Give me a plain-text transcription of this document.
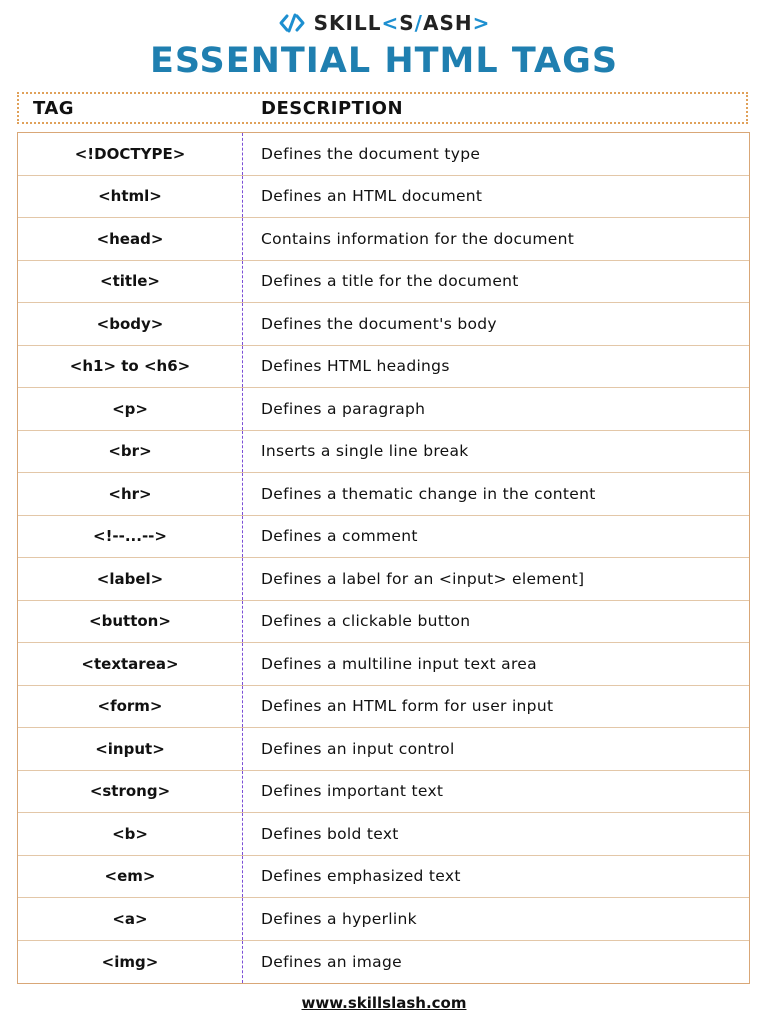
SKILL<S/ASH>
ESSENTIAL HTML TAGS
TAG	DESCRIPTION
<!DOCTYPE>	Defines the document type
<html>	Defines an HTML document
<head>	Contains information for the document
<title>	Defines a title for the document
<body>	Defines the document's body
<h1> to <h6>	Defines HTML headings
<p>	Defines a paragraph
<br>	Inserts a single line break
<hr>	Defines a thematic change in the content
<!--...-->	Defines a comment
<label>	Defines a label for an <input> element]
<button>	Defines a clickable button
<textarea>	Defines a multiline input text area
<form>	Defines an HTML form for user input
<input>	Defines an input control
<strong>	Defines important text
<b>	Defines bold text
<em>	Defines emphasized text
<a>	Defines a hyperlink
<img>	Defines an image
www.skillslash.com
